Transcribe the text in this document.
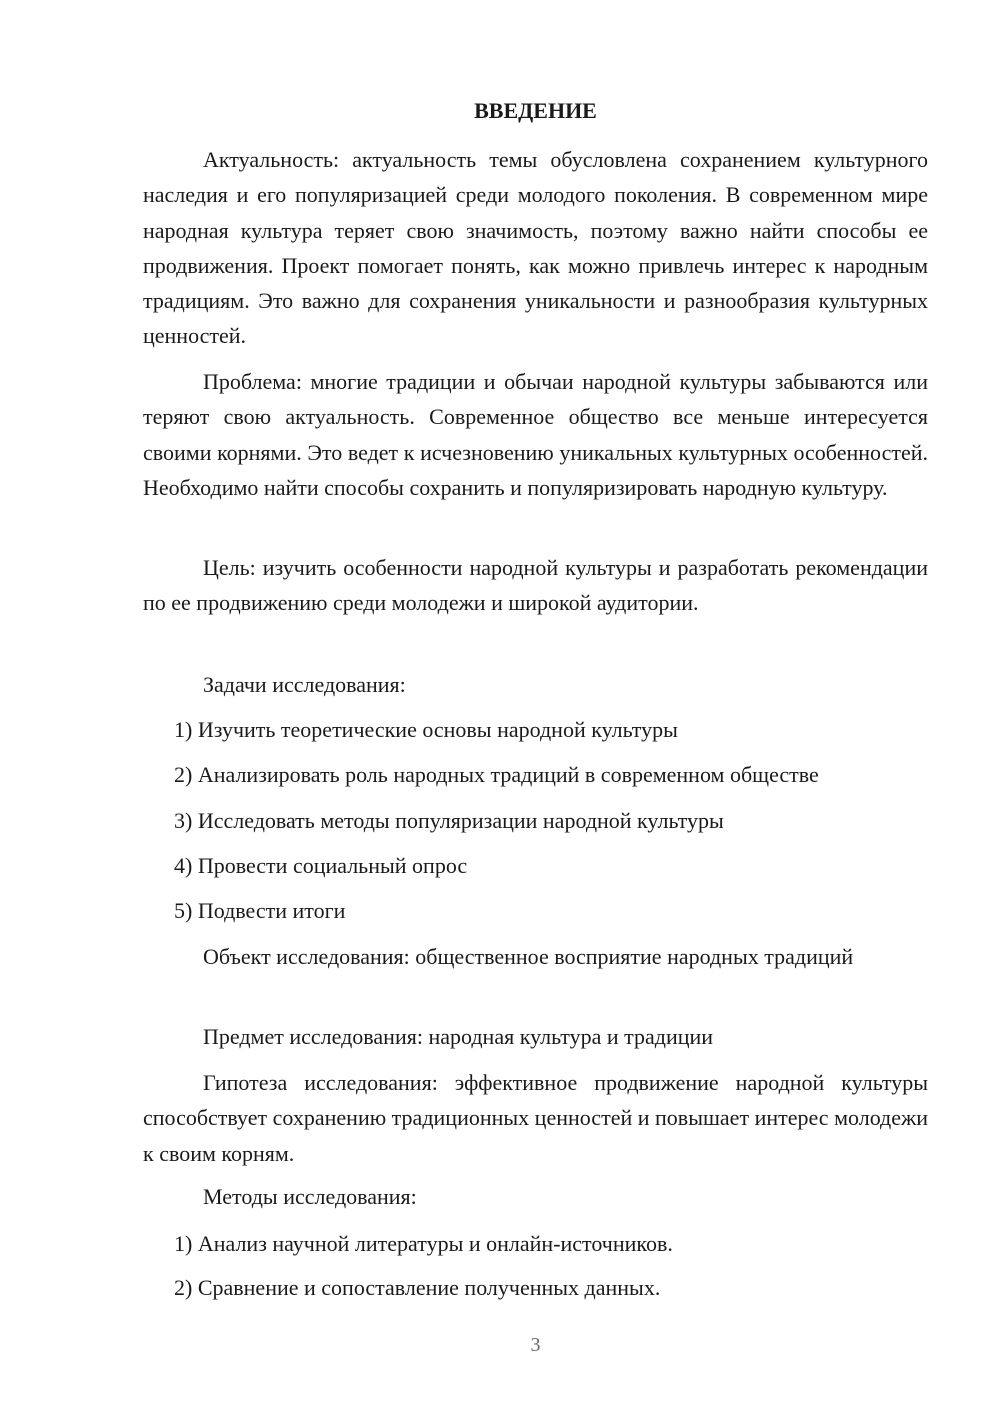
ВВЕДЕНИЕ
Актуальность: актуальность темы обусловлена сохранением культурного наследия и его популяризацией среди молодого поколения. В современном мире народная культура теряет свою значимость, поэтому важно найти способы ее продвижения. Проект помогает понять, как можно привлечь интерес к народным традициям. Это важно для сохранения уникальности и разнообразия культурных ценностей.
Проблема: многие традиции и обычаи народной культуры забываются или теряют свою актуальность. Современное общество все меньше интересуется своими корнями. Это ведет к исчезновению уникальных культурных особенностей. Необходимо найти способы сохранить и популяризировать народную культуру.
Цель: изучить особенности народной культуры и разработать рекомендации по ее продвижению среди молодежи и широкой аудитории.
Задачи исследования:
1) Изучить теоретические основы народной культуры
2) Анализировать роль народных традиций в современном обществе
3) Исследовать методы популяризации народной культуры
4) Провести социальный опрос
5) Подвести итоги
Объект исследования: общественное восприятие народных традиций
Предмет исследования: народная культура и традиции
Гипотеза исследования: эффективное продвижение народной культуры способствует сохранению традиционных ценностей и повышает интерес молодежи к своим корням.
Методы исследования:
1) Анализ научной литературы и онлайн-источников.
2) Сравнение и сопоставление полученных данных.
3
